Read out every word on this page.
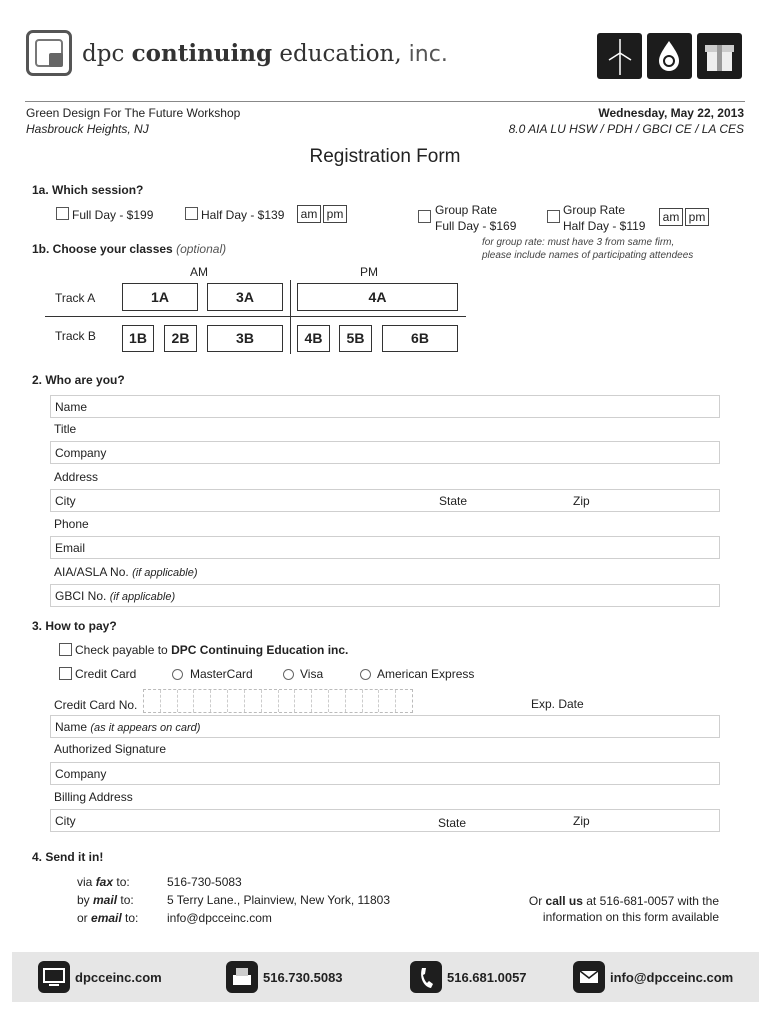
dpc continuing education, inc.
Green Design For The Future Workshop
Hasbrouck Heights, NJ
Wednesday, May 22, 2013
8.0 AIA LU HSW / PDH / GBCI CE / LA CES
Registration Form
1a. Which session?
Full Day - $199	Half Day - $139	am pm	Group Rate
Full Day - $169
Group Rate
Half Day - $119
am pm
for group rate: must have 3 from same firm,
please include names of participating attendees
1b. Choose your classes (optional)
AM	PM
Track A	1A	3A	4A
Track B	1B	2B	3B	4B	5B	6B
2. Who are you?
Name
Title
Company
Address
City	State	Zip
Phone
Email
AIA/ASLA No. (if applicable)
GBCI No. (if applicable)
3. How to pay?
Check payable to DPC Continuing Education inc.
Credit Card	MasterCard	Visa	American Express
Credit Card No.	Exp. Date
Name (as it appears on card)
Authorized Signature
Company
Billing Address
City	State	Zip
4. Send it in!
via fax to:	516-730-5083
by mail to:	5 Terry Lane., Plainview, New York, 11803
or email to: info@dpcceinc.com
Or call us at 516-681-0057 with the
information on this form available
dpcceinc.com	516.730.5083	516.681.0057	info@dpcceinc.com
